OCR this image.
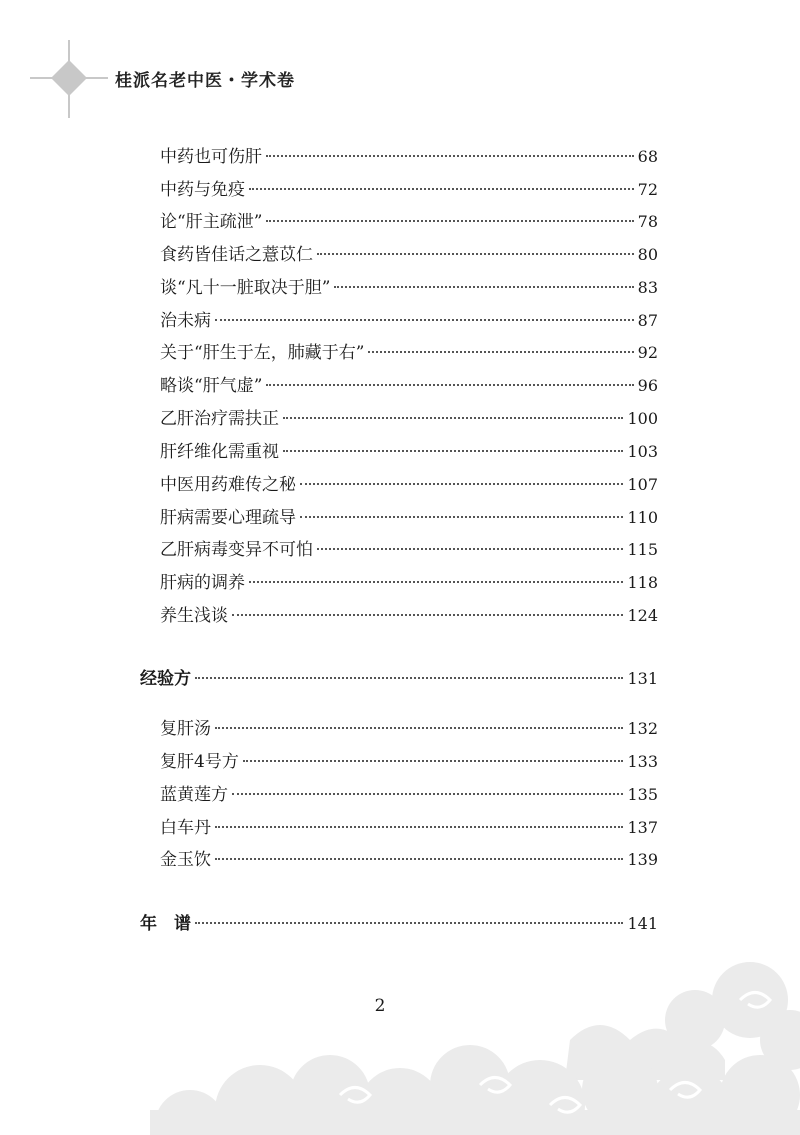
桂派名老中医・学术卷
中药也可伤肝	68
中药与免疫	72
论“肝主疏泄”	78
食药皆佳话之薏苡仁	80
谈“凡十一脏取决于胆”	83
治未病	87
关于“肝生于左，肺藏于右”	92
略谈“肝气虚”	96
乙肝治疗需扶正	100
肝纤维化需重视	103
中医用药难传之秘	107
肝病需要心理疏导	110
乙肝病毒变异不可怕	115
肝病的调养	118
养生浅谈	124
经验方	131
复肝汤	132
复肝4号方	133
蓝黄莲方	135
白车丹	137
金玉饮	139
年　谱	141
2
